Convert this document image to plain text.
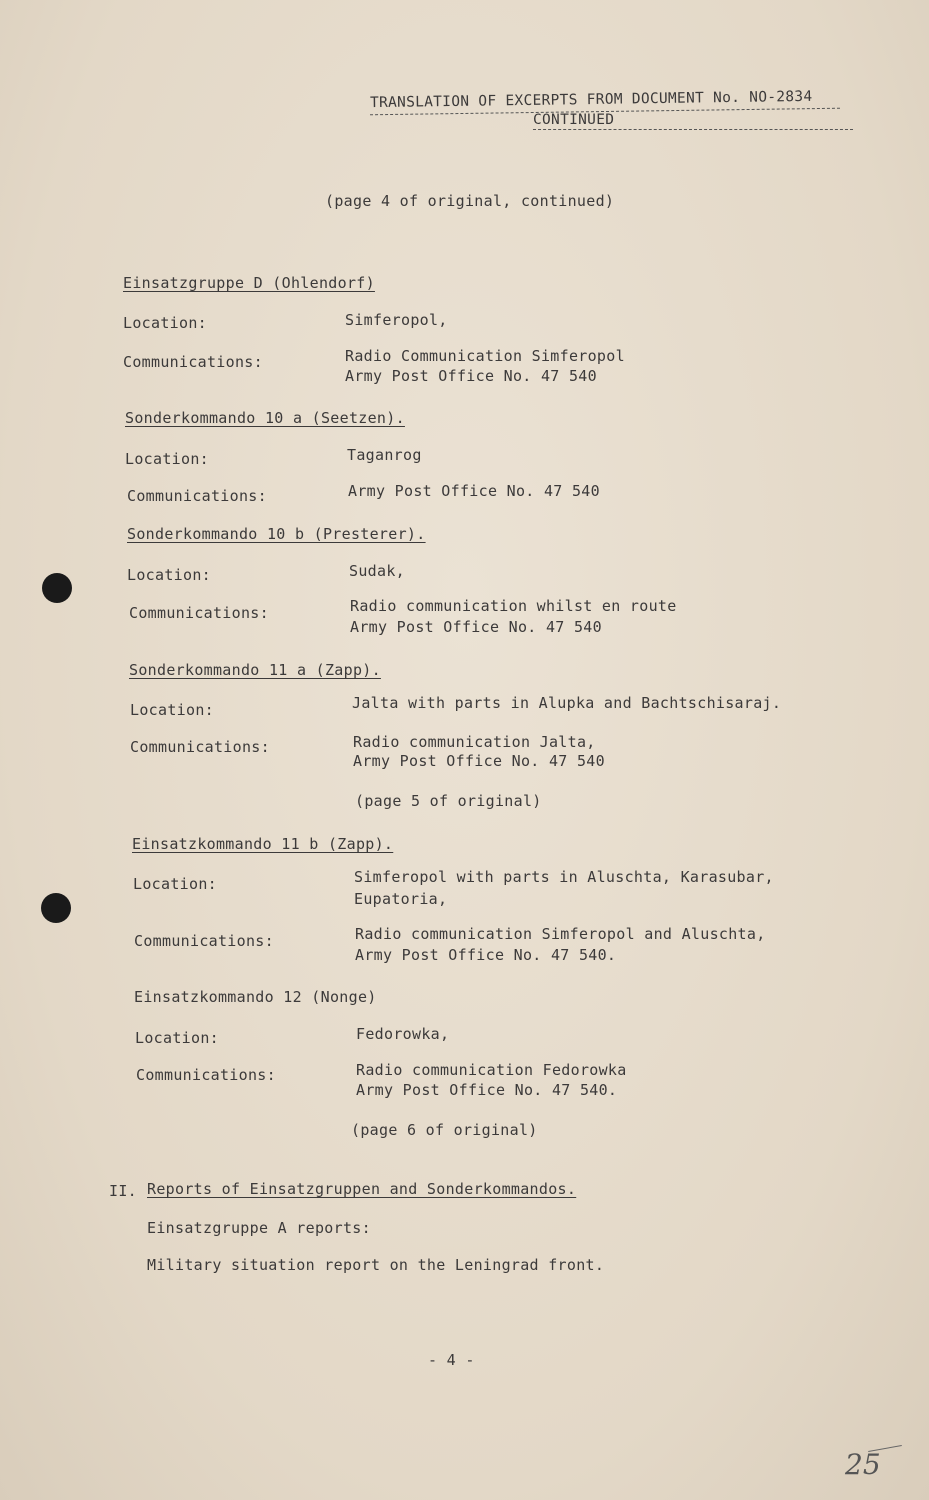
TRANSLATION OF EXCERPTS FROM DOCUMENT No. NO-2834
CONTINUED
(page 4 of original, continued)
Einsatzgruppe D (Ohlendorf)
Location:	Simferopol,
Communications:	Radio Communication Simferopol
Army Post Office No. 47 540
Sonderkommando 10 a (Seetzen).
Location:	Taganrog
Communications:	Army Post Office No. 47 540
Sonderkommando 10 b (Presterer).
Location:	Sudak,
Communications:	Radio communication whilst en route
Army Post Office No. 47 540
Sonderkommando 11 a (Zapp).
Location:	Jalta with parts in Alupka and Bachtschisaraj.
Communications:	Radio communication Jalta,
Army Post Office No. 47 540
(page 5 of original)
Einsatzkommando 11 b (Zapp).
Location:	Simferopol with parts in Aluschta, Karasubar,
Eupatoria,
Communications:	Radio communication Simferopol and Aluschta,
Army Post Office No. 47 540.
Einsatzkommando 12 (Nonge)
Location:	Fedorowka,
Communications:	Radio communication Fedorowka
Army Post Office No. 47 540.
(page 6 of original)
II. Reports of Einsatzgruppen and Sonderkommandos.
Einsatzgruppe A reports:
Military situation report on the Leningrad front.
- 4 -
25
